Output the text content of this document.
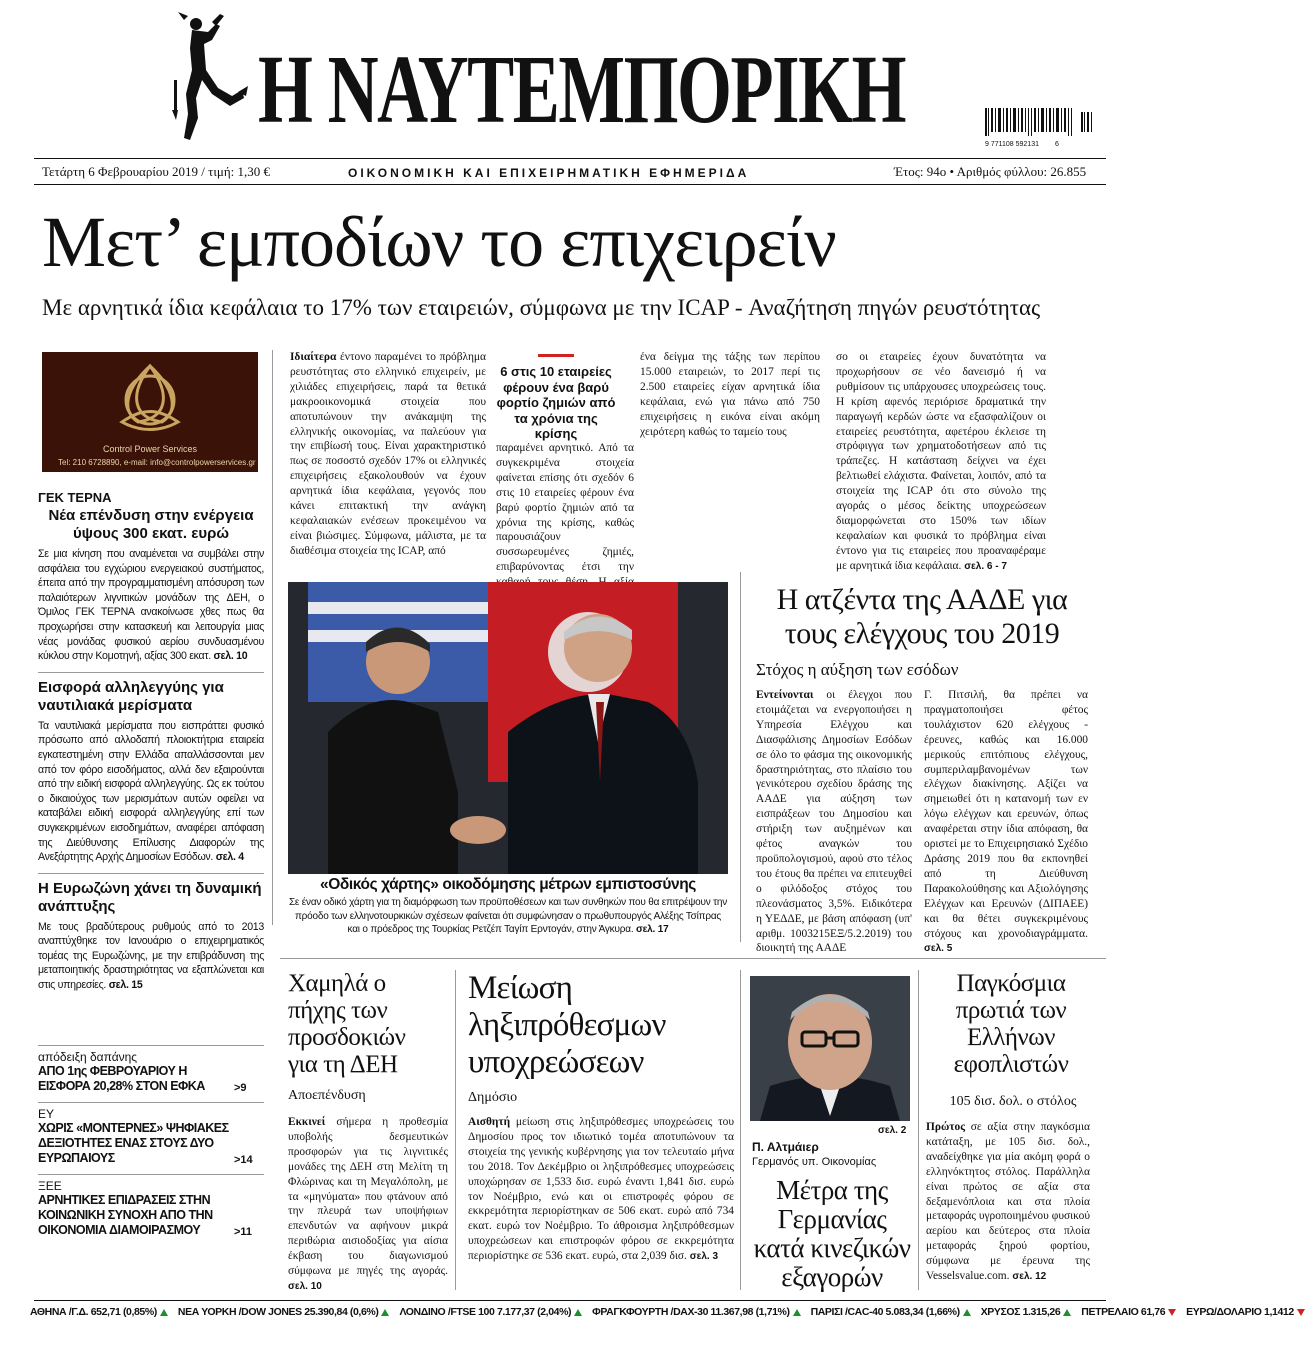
Η ΝΑΥΤΕΜΠΟΡΙΚΗ
9 771108 592131 6
Τετάρτη 6 Φεβρουαρίου 2019 / τιμή: 1,30 €	ΟΙΚΟΝΟΜΙΚΗ ΚΑΙ ΕΠΙΧΕΙΡΗΜΑΤΙΚΗ ΕΦΗΜΕΡΙΔΑ	Έτος: 94ο • Αριθμός φύλλου: 26.855
Μετ’ εμποδίων το επιχειρείν
Με αρνητικά ίδια κεφάλαια το 17% των εταιρειών, σύμφωνα με την ICAP - Αναζήτηση πηγών ρευστότητας
Control Power Services
Tel: 210 6728890, e-mail: info@controlpowerservices.gr
Ιδιαίτερα έντονο παραμένει το πρόβλημα ρευστότητας στο ελληνικό επιχειρείν, με χιλιάδες επιχειρήσεις, παρά τα θετικά μακροοικονομικά στοιχεία που αποτυπώνουν την ανάκαμψη της ελληνικής οικονομίας, να παλεύουν για την επιβίωσή τους. Είναι χαρακτηριστικό πως σε ποσοστό σχεδόν 17% οι ελληνικές επιχειρήσεις εξακολουθούν να έχουν αρνητικά ίδια κεφάλαια, γεγονός που κάνει επιτακτική την ανάγκη κεφαλαιακών ενέσεων προκειμένου να είναι βιώσιμες. Σύμφωνα, μάλιστα, με τα διαθέσιμα στοιχεία της ICAP, από
6 στις 10 εταιρείες φέρουν ένα βαρύ φορτίο ζημιών από τα χρόνια της κρίσης
παραμένει αρνητικό. Από τα συγκεκριμένα στοιχεία φαίνεται επίσης ότι σχεδόν 6 στις 10 εταιρείες φέρουν ένα βαρύ φορτίο ζημιών από τα χρόνια της κρίσης, καθώς παρουσιάζουν συσσωρευμένες ζημιές, επιβαρύνοντας έτσι την
ένα δείγμα της τάξης των περίπου 15.000 εταιρειών, το 2017 περί τις 2.500 εταιρείες είχαν αρνητικά ίδια κεφάλαια, ενώ για πάνω από 750 επιχειρήσεις η εικόνα είναι ακόμη χειρότερη καθώς το ταμείο τους
σο οι εταιρείες έχουν δυνατότητα να προχωρήσουν σε νέο δανεισμό ή να ρυθμίσουν τις υπάρχουσες υποχρεώσεις τους. Η κρίση αφενός περιόρισε δραματικά την παραγωγή κερδών ώστε να εξασφαλίζουν οι εταιρείες ρευστότητα, αφετέρου έκλεισε τη στρόφιγγα των χρηματοδοτήσεων από τις τράπεζες. Η κατάσταση δείχνει να έχει βελτιωθεί ελάχιστα. Φαίνεται, λοιπόν, από τα στοιχεία της ICAP ότι στο σύνολο της αγοράς ο μέσος δείκτης υποχρεώσεων διαμορφώνεται στο 150% των ιδίων κεφαλαίων και φυσικά το πρόβλημα είναι έντονο για τις εταιρείες που προαναφέραμε με αρνητικά ίδια κεφάλαια. σελ. 6 - 7
ΓΕΚ ΤΕΡΝΑ
Νέα επένδυση στην ενέργεια ύψους 300 εκατ. ευρώ
Σε μια κίνηση που αναμένεται να συμβάλει στην ασφάλεια του εγχώριου ενεργειακού συστήματος, έπειτα από την προγραμματισμένη απόσυρση των παλαιότερων λιγνιτικών μονάδων της ΔΕΗ, ο Όμιλος ΓΕΚ ΤΕΡΝΑ ανακοίνωσε χθες πως θα προχωρήσει στην κατασκευή και λειτουργία μιας νέας μονάδας φυσικού αερίου συνδυασμένου κύκλου στην Κομοτηνή, αξίας 300 εκατ. σελ. 10
Εισφορά αλληλεγγύης για ναυτιλιακά μερίσματα
Τα ναυτιλιακά μερίσματα που εισπράττει φυσικό πρόσωπο από αλλοδαπή πλοιοκτήτρια εταιρεία εγκατεστημένη στην Ελλάδα απαλλάσσονται μεν από τον φόρο εισοδήματος, αλλά δεν εξαιρούνται από την ειδική εισφορά αλληλεγγύης. Ως εκ τούτου ο δικαιούχος των μερισμάτων αυτών οφείλει να καταβάλει ειδική εισφορά αλληλεγγύης επί των συγκεκριμένων εισοδημάτων, αναφέρει απόφαση της Διεύθυνσης Επίλυσης Διαφορών της Ανεξάρτητης Αρχής Δημοσίων Εσόδων. σελ. 4
Η Ευρωζώνη χάνει τη δυναμική ανάπτυξης
Με τους βραδύτερους ρυθμούς από το 2013 αναπτύχθηκε τον Ιανουάριο ο επιχειρηματικός τομέας της Ευρωζώνης, με την επιβράδυνση της μεταποιητικής δραστηριότητας να εξαπλώνεται και στις υπηρεσίες. σελ. 15
απόδειξη δαπάνης
ΑΠΟ 1ης ΦΕΒΡΟΥΑΡΙΟΥ Η ΕΙΣΦΟΡΑ 20,28% ΣΤΟΝ ΕΦΚΑ	>9
ΕΥ
ΧΩΡΙΣ «ΜΟΝΤΕΡΝΕΣ» ΨΗΦΙΑΚΕΣ ΔΕΞΙΟΤΗΤΕΣ ΕΝΑΣ ΣΤΟΥΣ ΔΥΟ ΕΥΡΩΠΑΙΟΥΣ	>14
ΞΕΕ
ΑΡΝΗΤΙΚΕΣ ΕΠΙΔΡΑΣΕΙΣ ΣΤΗΝ ΚΟΙΝΩΝΙΚΗ ΣΥΝΟΧΗ ΑΠΟ ΤΗΝ ΟΙΚΟΝΟΜΙΑ ΔΙΑΜΟΙΡΑΣΜΟΥ	>11
«Οδικός χάρτης» οικοδόμησης μέτρων εμπιστοσύνης
Σε έναν οδικό χάρτη για τη διαμόρφωση των προϋποθέσεων και των συνθηκών που θα επιτρέψουν την πρόοδο των ελληνοτουρκικών σχέσεων φαίνεται ότι συμφώνησαν ο πρωθυπουργός Αλέξης Τσίπρας και ο πρόεδρος της Τουρκίας Ρετζέπ Ταγίπ Ερντογάν, στην Άγκυρα. σελ. 17
Η ατζέντα της ΑΑΔΕ για τους ελέγχους του 2019
Στόχος η αύξηση των εσόδων
Εντείνονται οι έλεγχοι που ετοιμάζεται να ενεργοποιήσει η Υπηρεσία Ελέγχου και Διασφάλισης Δημοσίων Εσόδων σε όλο το φάσμα της οικονομικής δραστηριότητας, στο πλαίσιο του γενικότερου σχεδίου δράσης της ΑΑΔΕ για αύξηση των εισπράξεων του Δημοσίου και στήριξη των αυξημένων και φέτος αναγκών του προϋπολογισμού, αφού στο τέλος του έτους θα πρέπει να επιτευχθεί ο φιλόδοξος στόχος του πλεονάσματος 3,5%. Ειδικότερα η ΥΕΔΔΕ, με βάση απόφαση (υπ' αριθμ. 1003215ΕΞ/5.2.2019) του διοικητή της ΑΑΔΕ
Γ. Πιτσιλή, θα πρέπει να πραγματοποιήσει φέτος τουλάχιστον 620 ελέγχους - έρευνες, καθώς και 16.000 μερικούς επιτόπιους ελέγχους, συμπεριλαμβανομένων των ελέγχων διακίνησης. Αξίζει να σημειωθεί ότι η κατανομή των εν λόγω ελέγχων και ερευνών, όπως αναφέρεται στην ίδια απόφαση, θα οριστεί με το Επιχειρησιακό Σχέδιο Δράσης 2019 που θα εκπονηθεί από τη Διεύθυνση Παρακολούθησης και Αξιολόγησης Ελέγχων και Ερευνών (ΔΙΠΑΕΕ) και θα θέτει συγκεκριμένους στόχους και χρονοδιαγράμματα. σελ. 5
Χαμηλά ο πήχης των προσδοκιών για τη ΔΕΗ
Αποεπένδυση
Εκκινεί σήμερα η προθεσμία υποβολής δεσμευτικών προσφορών για τις λιγνιτικές μονάδες της ΔΕΗ στη Μελίτη τη Φλώρινας και τη Μεγαλόπολη, με τα «μηνύματα» που φτάνουν από την πλευρά των υποψήφιων επενδυτών να αφήνουν μικρά περιθώρια αισιοδοξίας για αίσια έκβαση του διαγωνισμού σύμφωνα με πηγές της αγοράς. σελ. 10
Μείωση ληξιπρόθεσμων υποχρεώσεων
Δημόσιο
Αισθητή μείωση στις ληξιπρόθεσμες υποχρεώσεις του Δημοσίου προς τον ιδιωτικό τομέα αποτυπώνουν τα στοιχεία της γενικής κυβέρνησης για τον τελευταίο μήνα του 2018. Τον Δεκέμβριο οι ληξιπρόθεσμες υποχρεώσεις υποχώρησαν σε 1,533 δισ. ευρώ έναντι 1,841 δισ. ευρώ τον Νοέμβριο, ενώ και οι επιστροφές φόρου σε εκκρεμότητα περιορίστηκαν σε 506 εκατ. ευρώ από 734 εκατ. ευρώ τον Νοέμβριο. Το άθροισμα ληξιπρόθεσμων υποχρεώσεων και επιστροφών φόρου σε εκκρεμότητα περιορίστηκε σε 536 εκατ. ευρώ, στα 2,039 δισ. σελ. 3
σελ. 2
Π. Αλτμάιερ
Γερμανός υπ. Οικονομίας
Μέτρα της Γερμανίας κατά κινεζικών εξαγορών
Παγκόσμια πρωτιά των Ελλήνων εφοπλιστών
105 δισ. δολ. ο στόλος
Πρώτος σε αξία στην παγκόσμια κατάταξη, με 105 δισ. δολ., αναδείχθηκε για μία ακόμη φορά ο ελληνόκτητος στόλος. Παράλληλα είναι πρώτος σε αξία στα δεξαμενόπλοια και στα πλοία μεταφοράς υγροποιημένου φυσικού αερίου και δεύτερος στα πλοία μεταφοράς ξηρού φορτίου, σύμφωνα με έρευνα της Vesselsvalue.com. σελ. 12
ΑΘΗΝΑ /Γ.Δ. 652,71 (0,85%) ΝΕΑ ΥΟΡΚΗ /DOW JONES 25.390,84 (0,6%) ΛΟΝΔΙΝΟ /FTSE 100 7.177,37 (2,04%) ΦΡΑΓΚΦΟΥΡΤΗ /DAX-30 11.367,98 (1,71%) ΠΑΡΙΣΙ /CAC-40 5.083,34 (1,66%) ΧΡΥΣΟΣ 1.315,26 ΠΕΤΡΕΛΑΙΟ 61,76 ΕΥΡΩ/ΔΟΛΑΡΙΟ 1,1412
